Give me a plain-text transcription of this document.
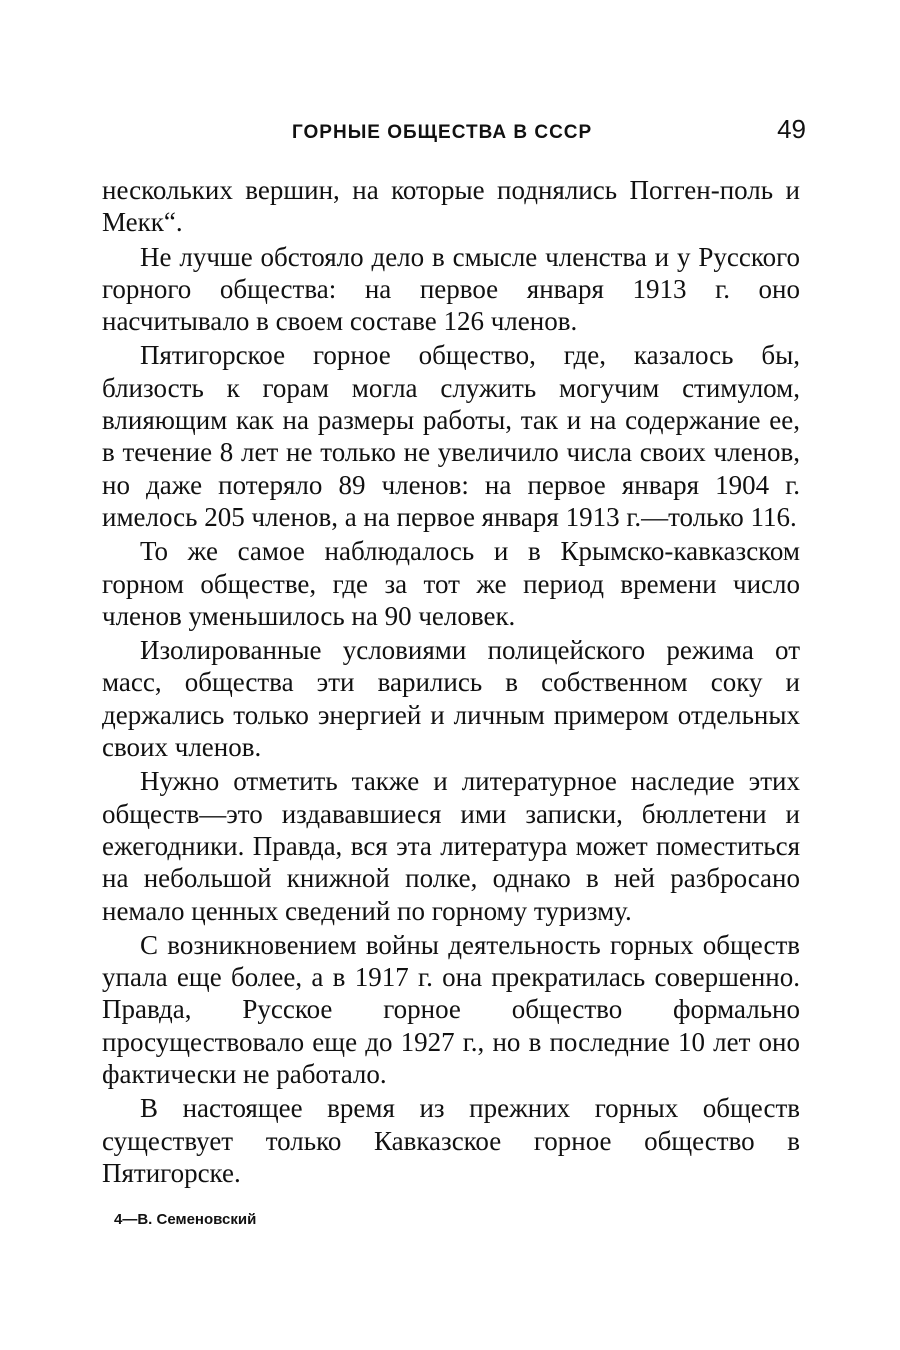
ГОРНЫЕ ОБЩЕСТВА В СССР	49

нескольких вершин, на которые поднялись Погген-поль и Мекк“.

Не лучше обстояло дело в смысле членства и у Русского горного общества: на первое января 1913 г. оно насчитывало в своем составе 126 членов.

Пятигорское горное общество, где, казалось бы, близость к горам могла служить могучим стимулом, влияющим как на размеры работы, так и на содержание ее, в течение 8 лет не только не увеличило числа своих членов, но даже потеряло 89 членов: на первое января 1904 г. имелось 205 членов, а на первое января 1913 г.—только 116.

То же самое наблюдалось и в Крымско-кавказском горном обществе, где за тот же период времени число членов уменьшилось на 90 человек.

Изолированные условиями полицейского режима от масс, общества эти варились в собственном соку и держались только энергией и личным примером отдельных своих членов.

Нужно отметить также и литературное наследие этих обществ—это издававшиеся ими записки, бюллетени и ежегодники. Правда, вся эта литература может поместиться на небольшой книжной полке, однако в ней разбросано немало ценных сведений по горному туризму.

С возникновением войны деятельность горных обществ упала еще более, а в 1917 г. она прекратилась совершенно. Правда, Русское горное общество формально просуществовало еще до 1927 г., но в последние 10 лет оно фактически не работало.

В настоящее время из прежних горных обществ существует только Кавказское горное общество в Пятигорске.

4—В. Семеновский
